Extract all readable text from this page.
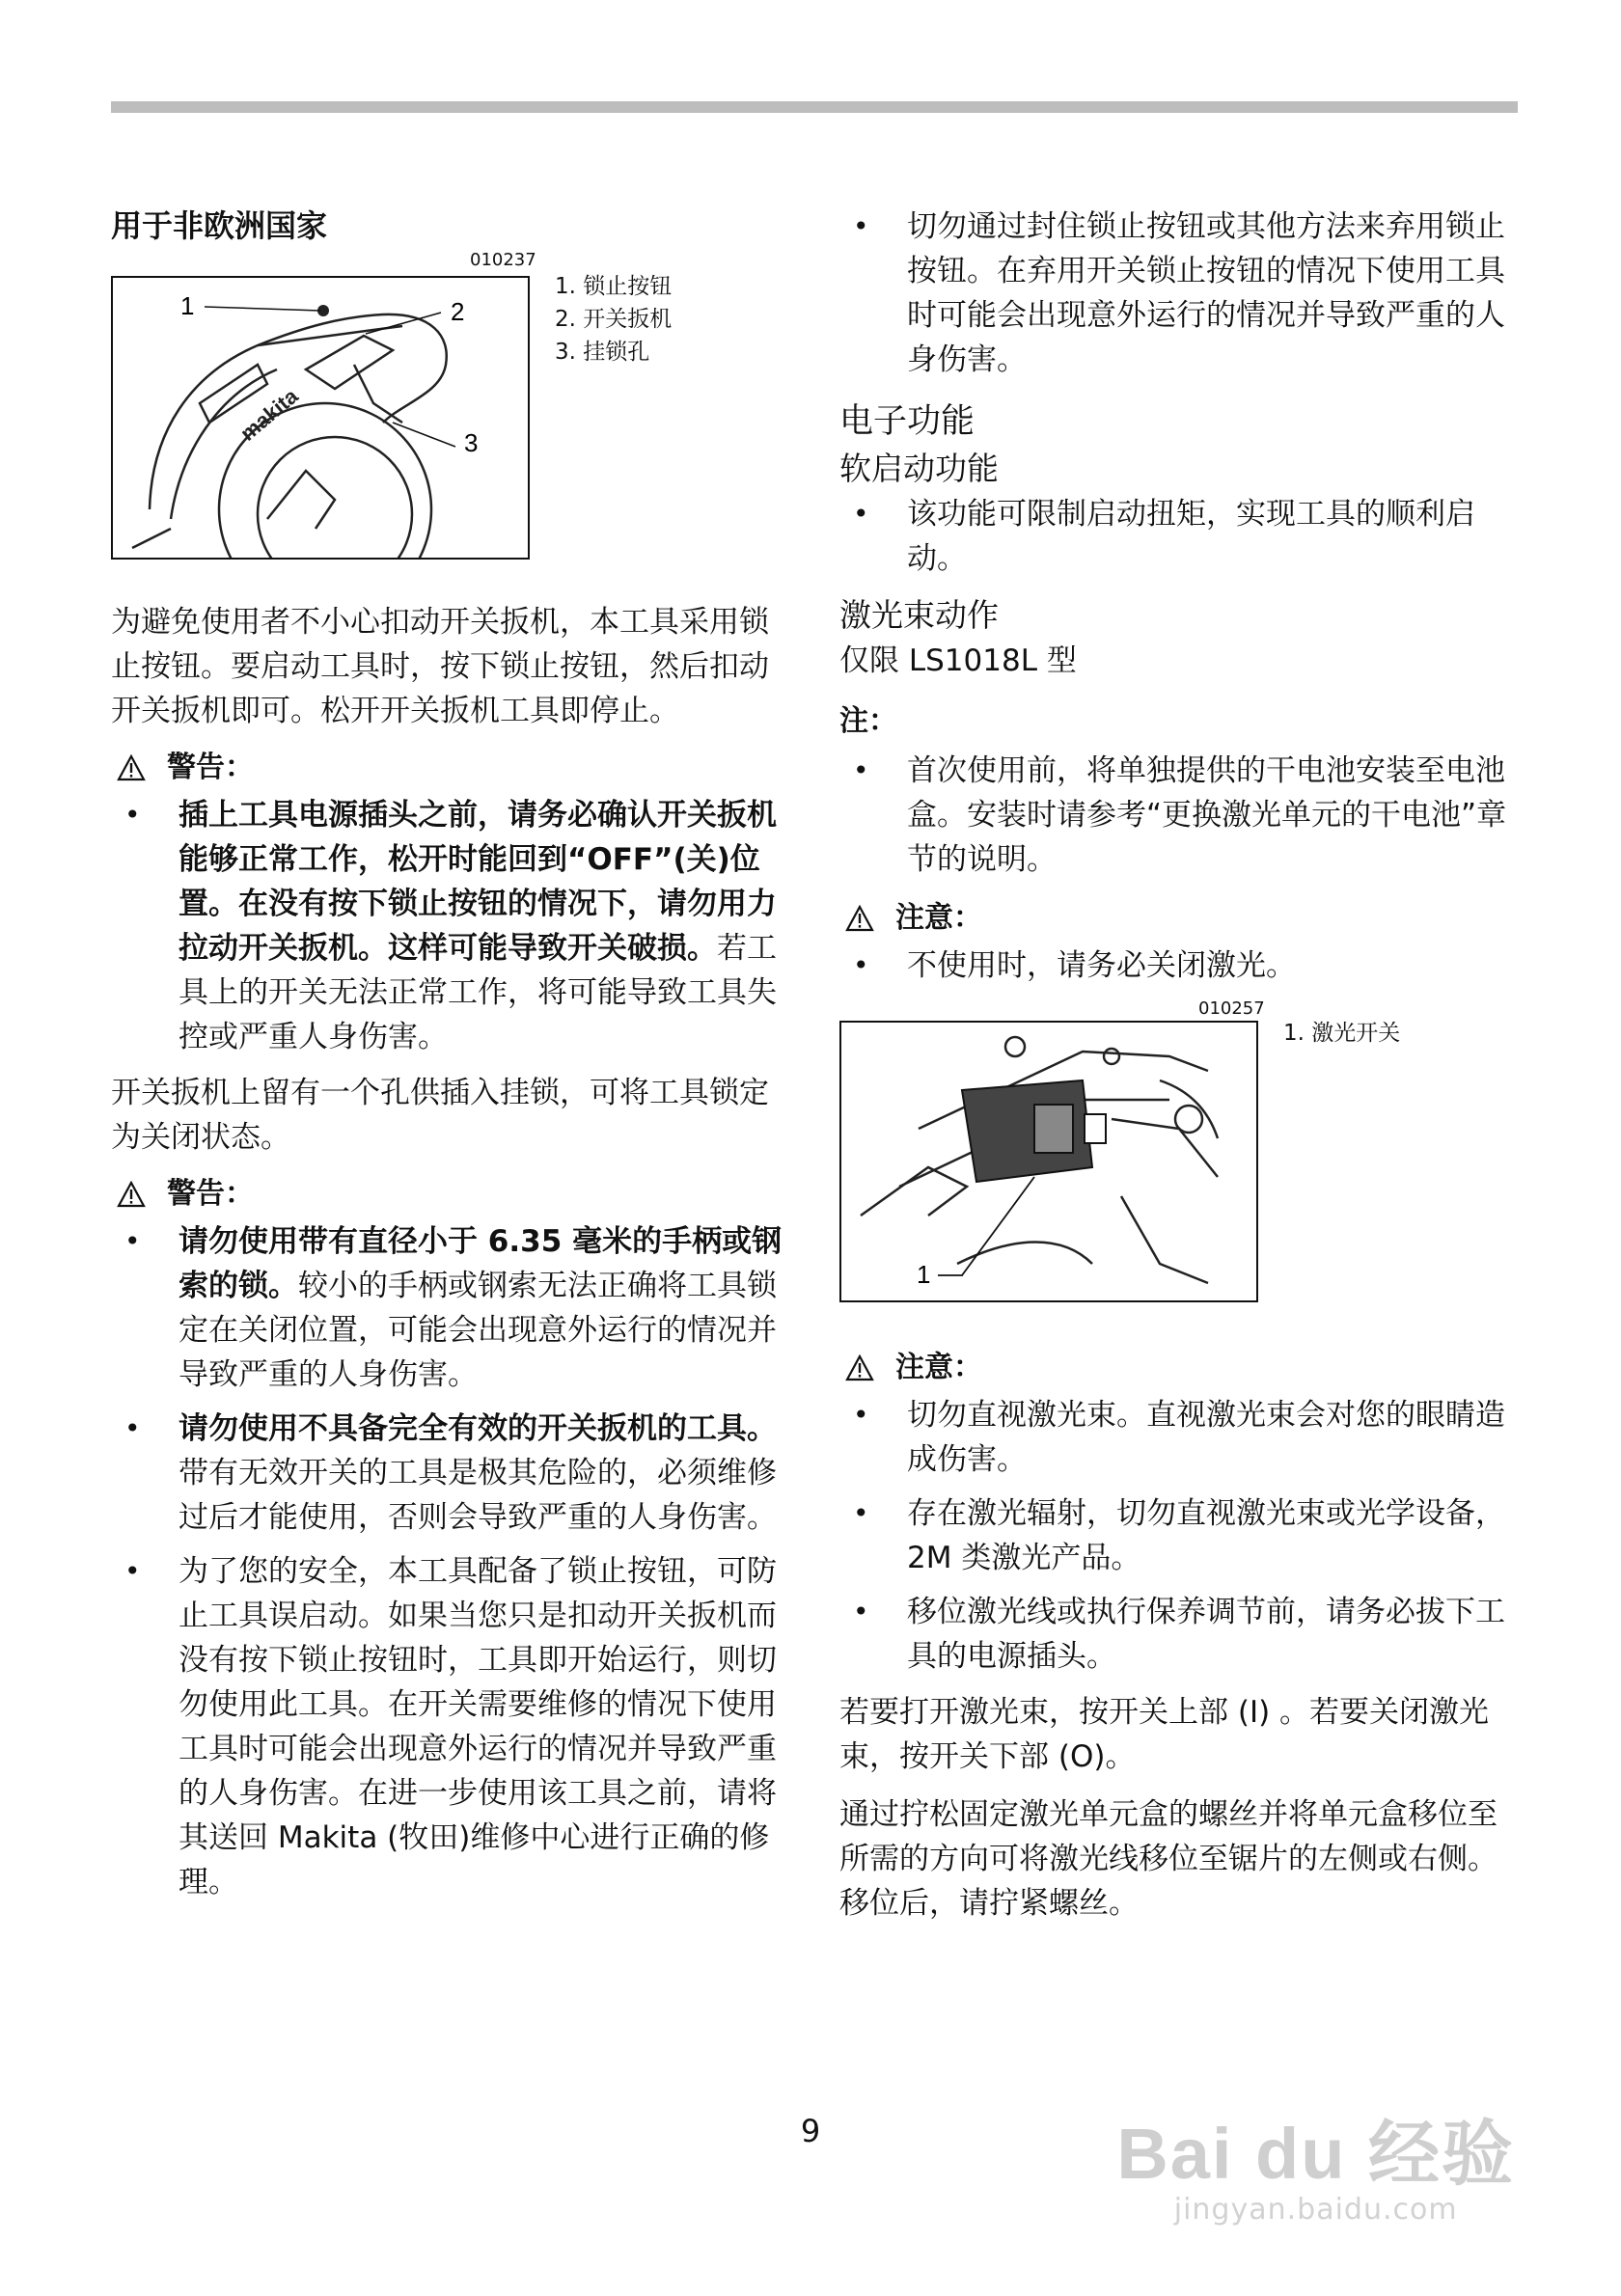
用于非欧洲国家
010237
makita
1	2
3
1. 锁止按钮
2. 开关扳机
3. 挂锁孔

为避免使用者不小心扣动开关扳机，本工具采用锁止按钮。要启动工具时，按下锁止按钮，然后扣动开关扳机即可。松开开关扳机工具即停止。

警告：
• 插上工具电源插头之前，请务必确认开关扳机能够正常工作，松开时能回到“OFF”(关)位置。在没有按下锁止按钮的情况下，请勿用力拉动开关扳机。这样可能导致开关破损。若工具上的开关无法正常工作，将可能导致工具失控或严重人身伤害。

开关扳机上留有一个孔供插入挂锁，可将工具锁定为关闭状态。

警告：
• 请勿使用带有直径小于 6.35 毫米的手柄或钢索的锁。较小的手柄或钢索无法正确将工具锁定在关闭位置，可能会出现意外运行的情况并导致严重的人身伤害。
• 请勿使用不具备完全有效的开关扳机的工具。带有无效开关的工具是极其危险的，必须维修过后才能使用，否则会导致严重的人身伤害。
• 为了您的安全，本工具配备了锁止按钮，可防止工具误启动。如果当您只是扣动开关扳机而没有按下锁止按钮时，工具即开始运行，则切勿使用此工具。在开关需要维修的情况下使用工具时可能会出现意外运行的情况并导致严重的人身伤害。在进一步使用该工具之前，请将其送回 Makita (牧田)维修中心进行正确的修理。
• 切勿通过封住锁止按钮或其他方法来弃用锁止按钮。在弃用开关锁止按钮的情况下使用工具时可能会出现意外运行的情况并导致严重的人身伤害。
电子功能
软启动功能
• 该功能可限制启动扭矩，实现工具的顺利启动。
激光束动作
仅限 LS1018L 型
注：
• 首次使用前，将单独提供的干电池安装至电池盒。安装时请参考“更换激光单元的干电池”章节的说明。
注意：
• 不使用时，请务必关闭激光。
010257
1
1. 激光开关
注意：
• 切勿直视激光束。直视激光束会对您的眼睛造成伤害。
• 存在激光辐射，切勿直视激光束或光学设备， 2M 类激光产品。
• 移位激光线或执行保养调节前，请务必拔下工具的电源插头。

若要打开激光束，按开关上部 (I) 。若要关闭激光束，按开关下部 (O)。

通过拧松固定激光单元盒的螺丝并将单元盒移位至所需的方向可将激光线移位至锯片的左侧或右侧。移位后，请拧紧螺丝。

9	Bai du 经验
jingyan.baidu.com
